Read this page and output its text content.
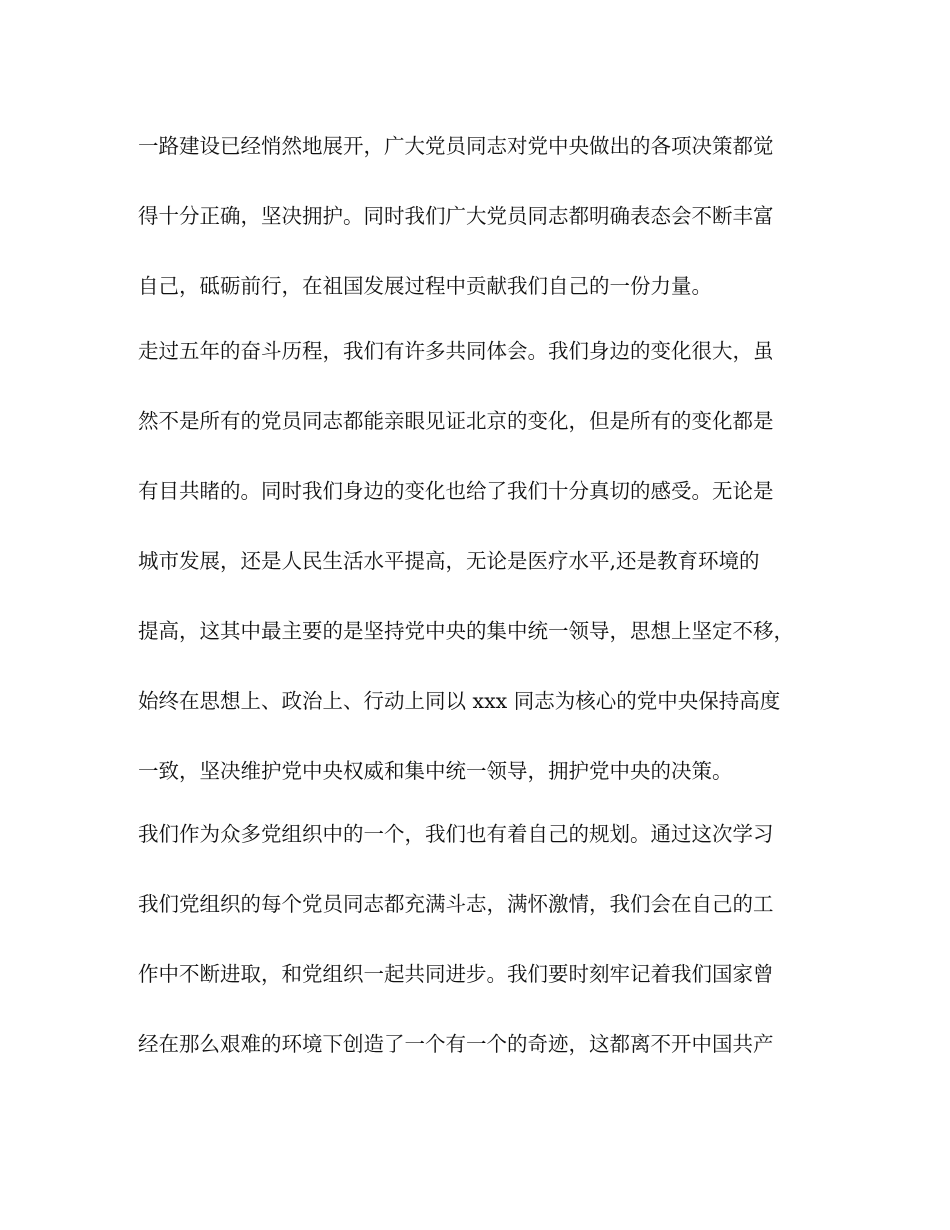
一路建设已经悄然地展开，广大党员同志对党中央做出的各项决策都觉
得十分正确，坚决拥护。同时我们广大党员同志都明确表态会不断丰富
自己，砥砺前行，在祖国发展过程中贡献我们自己的一份力量。
走过五年的奋斗历程，我们有许多共同体会。我们身边的变化很大，虽
然不是所有的党员同志都能亲眼见证北京的变化，但是所有的变化都是
有目共睹的。同时我们身边的变化也给了我们十分真切的感受。无论是
城市发展，还是人民生活水平提高，无论是医疗水平,还是教育环境的
提高，这其中最主要的是坚持党中央的集中统一领导，思想上坚定不移，
始终在思想上、政治上、行动上同以 xxx 同志为核心的党中央保持高度
一致，坚决维护党中央权威和集中统一领导，拥护党中央的决策。
我们作为众多党组织中的一个，我们也有着自己的规划。通过这次学习
我们党组织的每个党员同志都充满斗志，满怀激情，我们会在自己的工
作中不断进取，和党组织一起共同进步。我们要时刻牢记着我们国家曾
经在那么艰难的环境下创造了一个有一个的奇迹，这都离不开中国共产
